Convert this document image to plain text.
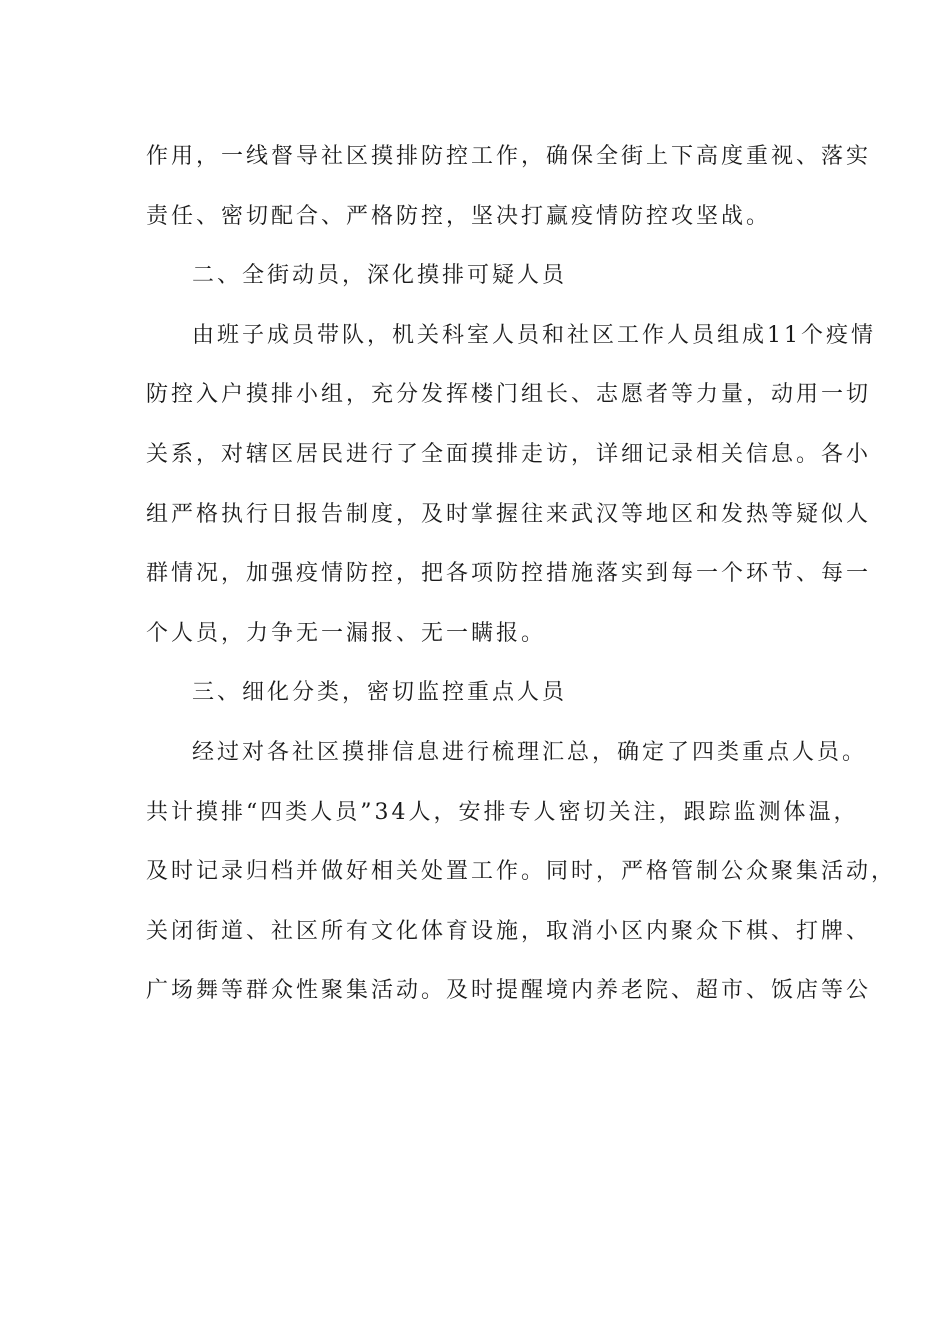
作用，一线督导社区摸排防控工作，确保全街上下高度重视、落实
责任、密切配合、严格防控，坚决打赢疫情防控攻坚战。
二、全街动员，深化摸排可疑人员
由班子成员带队，机关科室人员和社区工作人员组成11个疫情
防控入户摸排小组，充分发挥楼门组长、志愿者等力量，动用一切
关系，对辖区居民进行了全面摸排走访，详细记录相关信息。各小
组严格执行日报告制度，及时掌握往来武汉等地区和发热等疑似人
群情况，加强疫情防控，把各项防控措施落实到每一个环节、每一
个人员，力争无一漏报、无一瞒报。
三、细化分类，密切监控重点人员
经过对各社区摸排信息进行梳理汇总，确定了四类重点人员。
共计摸排“四类人员”34人，安排专人密切关注，跟踪监测体温，
及时记录归档并做好相关处置工作。同时，严格管制公众聚集活动，
关闭街道、社区所有文化体育设施，取消小区内聚众下棋、打牌、
广场舞等群众性聚集活动。及时提醒境内养老院、超市、饭店等公
